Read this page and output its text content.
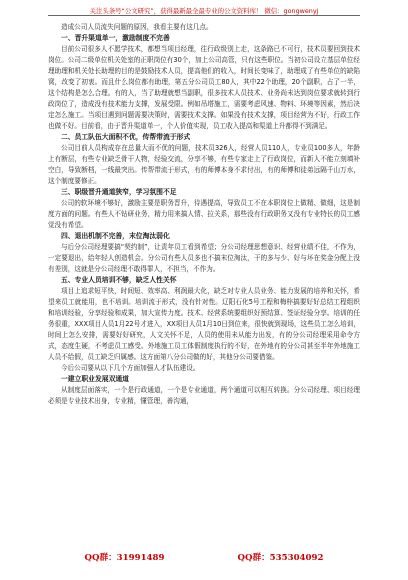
关注头条号“公文研究”，获得最新最全最专业的公文资料库！ 微信：gongwenyj

造成公司人员流失问题的原因，我看主要有这几点。

一、晋升渠道单一，激励制度不完善

目前公司很多人不愿学技术，都想当项目经理，往行政级别上走，这条路已不可行，技术员要回到技术岗位。公司二级单位机关处室的正职岗位有30个，加上公司高管，只有这些职位。当初公司设立基层单位经理助理和机关处长助理的目的是鼓励技术人员，提高他们的收入，时间长变味了，助理成了有些单位的缺陷窝，改变了初衷。而且什么岗位都有助理，第五分公司员工80人，其中22个助理，20个副职，占了一半，这个结构是怎么合理。有的人，当了助理就想当副职，很多技术人员技术、业务尚未达到岗位要求就转到行政岗位了，造成没有技术能力支撑，发展受限。例如吊塔施工，需要考虑风速、物料、环境等因素，然后决定怎么施工。当项目遇到问题需要决策时，需要技术支撑。如果没有技术支撑，项目经营为不好，行政工作也做不好。目前看，由于晋升渠道单一，个人价值实现，员工收入提高和渠道上升都得不到满足。

二、员工队伍大面积不优，传帮带流于形式

公司目前人员构成存在总量大而不优的问题，技术员326人，经营人员110人，专业员100多人，年龄上有断层，有些专业缺乏骨干人物，经验交流，分享不够，有些专家走上了行政岗位，而新人不能立刻填补空白，导致断档，一线最突出。传帮带流于形式，有的师傅本身不求付出，有的师傅和徒弟远隔千山万水，这个制度要修正。

三、职级晋升通道狭窄，学习氛围不足

公司的软环境不够好，激励主要是职务晋升，待遇提高，导致员工不在本职岗位上做精、做细，这是制度方面的问题。有些人不钻研业务，精力用来搞人情、拉关系，那些没有行政职务又没有专业特长的员工感觉没有希望。

四、退出机制不完善，末位淘汰弱化

与后分公司经理要搞“契约制”，让责年员工看到希望；分公司经理思想意识、经营业绩不佳，不作为，一定要退出，给年轻人创造机会。分公司有些人员多也不搞末位淘汰，干的多与少、好与坏在奖金分配上没有差别，这就是分公司经理不敢得罪人，不担当，不作为。

五、专业人员培训不够，缺乏人性关怀

项目上追求短平快，时间短、效率高、利润最大化，缺乏对专业人员业务、能力发展的培养和关怀，希望来员工就能用，也不培训。培训流于形式，没有针对性。辽阳石化5号工程和梅梓搞要好好总结工程组织和培训经验，分享经验和成果，加大宣传力度。技术、经营系统要组织好预结算、签证经验分享。培训的任务很重，XXX项目人员1月22号才进入，XX项目人员1月10日到位来，很快就到现场，这些员工怎么培训，时间上怎么安排，需要好好研究，人文关怀不足，人员的使用未从能力出发，有的分公司经理采用命令方式，态度生硬，不考虑员工感受。外地施工员工体假制度执行的不好，在外地有的分公司甚至半年外地施工人员不给假，员工缺乏归属感。这方面第八分公司做的好，其他分公司要借鉴。

今后公司要从以下几个方面加强人才队伍建设。

一建立职业发展双通道

从制度层面落实，一个是行政通道，一个是专业通道，两个通道可以相互转换。分公司经理、项目经理必须是专业技术出身，专业精，懂管理，善沟通，

QQ群：31991489	QQ群：535304092
